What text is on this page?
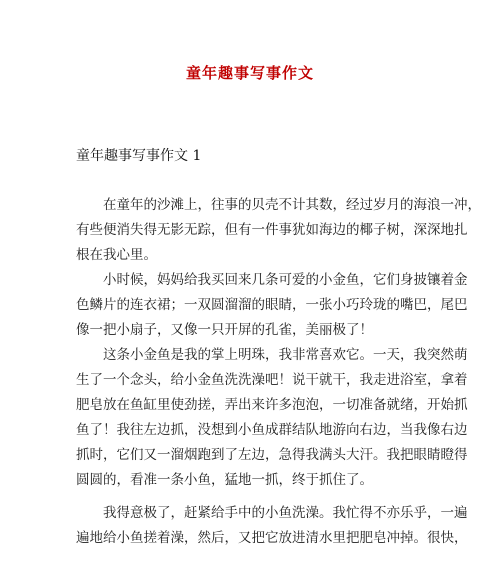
童年趣事写事作文
童年趣事写事作文 1
　　在童年的沙滩上，往事的贝壳不计其数，经过岁月的海浪一冲，
有些便消失得无影无踪，但有一件事犹如海边的椰子树，深深地扎
根在我心里。
　　小时候，妈妈给我买回来几条可爱的小金鱼，它们身披镶着金
色鳞片的连衣裙；一双圆溜溜的眼睛，一张小巧玲珑的嘴巴，尾巴
像一把小扇子，又像一只开屏的孔雀，美丽极了！
　　这条小金鱼是我的掌上明珠，我非常喜欢它。一天，我突然萌
生了一个念头，给小金鱼洗洗澡吧！说干就干，我走进浴室，拿着
肥皂放在鱼缸里使劲搓，弄出来许多泡泡，一切准备就绪，开始抓
鱼了！我往左边抓，没想到小鱼成群结队地游向右边，当我像右边
抓时，它们又一溜烟跑到了左边，急得我满头大汗。我把眼睛瞪得
圆圆的，看准一条小鱼，猛地一抓，终于抓住了。
　　我得意极了，赶紧给手中的小鱼洗澡。我忙得不亦乐乎，一遍
遍地给小鱼搓着澡，然后，又把它放进清水里把肥皂冲掉。很快，
